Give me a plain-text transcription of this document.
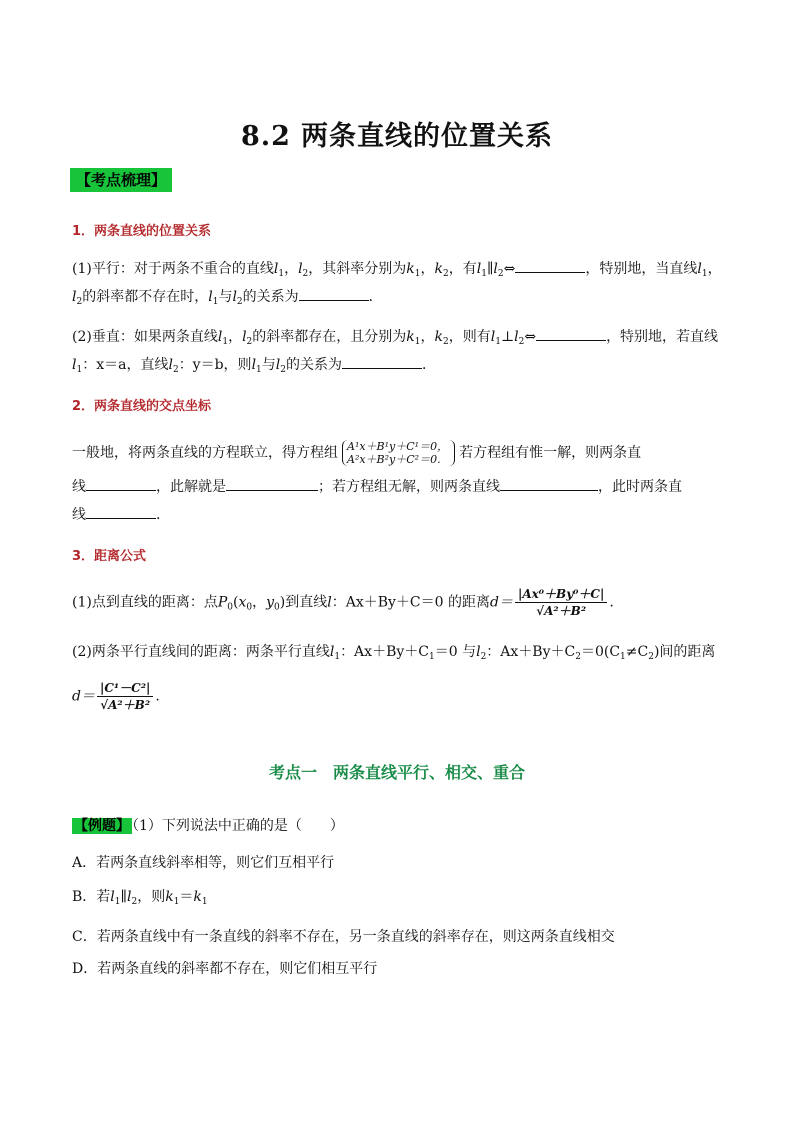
8.2 两条直线的位置关系
【考点梳理】
1．两条直线的位置关系
(1)平行：对于两条不重合的直线$l_1$，$l_2$，其斜率分别为$k_1$，$k_2$，有$l_1\parallel l_2\Leftrightarrow$	，特别地，当直线$l_1$，
$l_2$的斜率都不存在时，$l_1$与$l_2$的关系为	．
(2)垂直：如果两条直线$l_1$，$l_2$的斜率都存在，且分别为$k_1$，$k_2$，则有$l_1\perp l_2\Leftrightarrow$	，特别地，若直线
$l_1$：x＝a，直线$l_2$：y＝b，则$l_1$与$l_2$的关系为	．
2．两条直线的交点坐标
一般地，将两条直线的方程联立，得方程组 A¹x＋B¹y＋C¹＝0，
A²x＋B²y＋C²＝0. 若方程组有惟一解，则两条直
线	，此解就是	；若方程组无解，则两条直线	，此时两条直
线	.
3．距离公式
(1)点到直线的距离：点$P_0(x_0$，$y_0$)到直线l：Ax＋By＋C＝0 的距离$d= \frac{\text{|Ax⁰＋By⁰＋C|}}{\text{√A²＋B²}}$ .
(2)两条平行直线间的距离：两条平行直线$l_1$：$Ax+By+C_1=0$ 与$l_2$：$Ax+By+C_2=0(C_1\ne C_2)$间的距离
$d= \frac{\text{|C¹－C²|}}{\text{√A²＋B²}}$ .
考点一　两条直线平行、相交、重合
【例题】 （1）下列说法中正确的是（　　）
A．若两条直线斜率相等，则它们互相平行
B．若$l_1\parallel l_2$，则$k_1=k_1$
C．若两条直线中有一条直线的斜率不存在，另一条直线的斜率存在，则这两条直线相交
D．若两条直线的斜率都不存在，则它们相互平行
